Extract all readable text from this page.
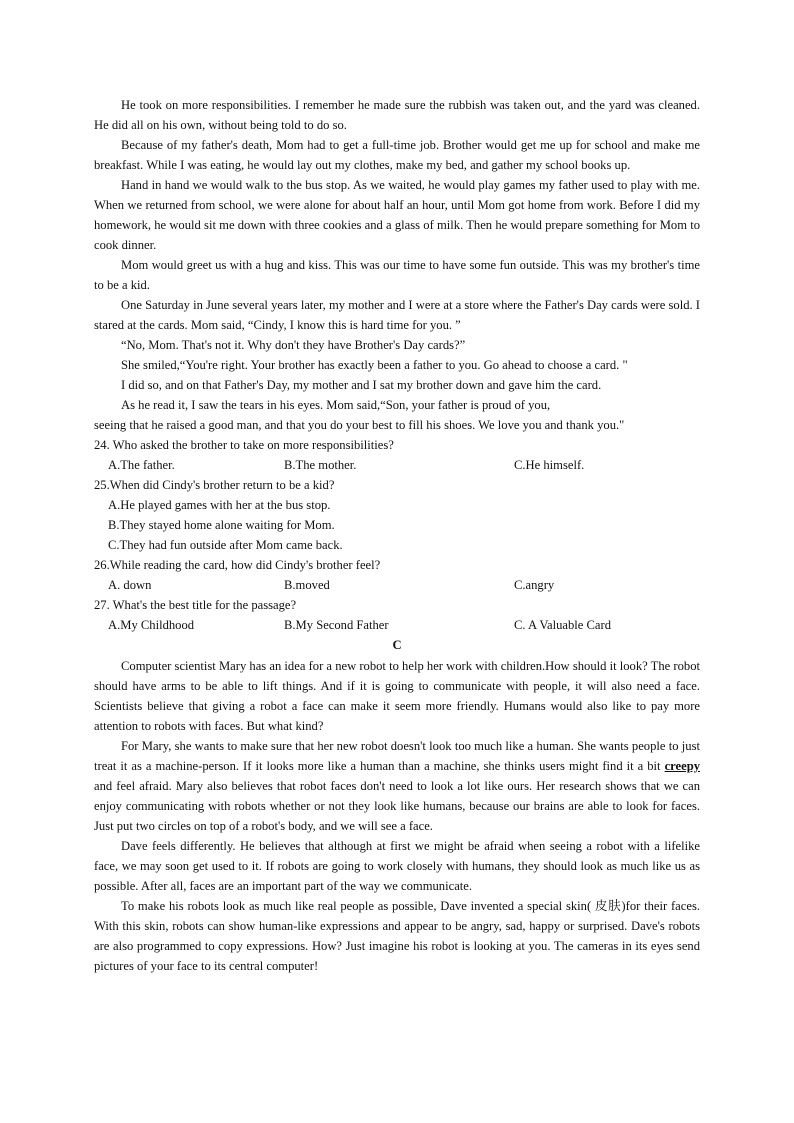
He took on more responsibilities. I remember he made sure the rubbish was taken out, and the yard was cleaned. He did all on his own, without being told to do so.

Because of my father's death, Mom had to get a full-time job. Brother would get me up for school and make me breakfast. While I was eating, he would lay out my clothes, make my bed, and gather my school books up.

Hand in hand we would walk to the bus stop. As we waited, he would play games my father used to play with me. When we returned from school, we were alone for about half an hour, until Mom got home from work. Before I did my homework, he would sit me down with three cookies and a glass of milk. Then he would prepare something for Mom to cook dinner.

Mom would greet us with a hug and kiss. This was our time to have some fun outside. This was my brother's time to be a kid.

One Saturday in June several years later, my mother and I were at a store where the Father's Day cards were sold. I stared at the cards. Mom said, “Cindy, I know this is hard time for you. ”

“No, Mom. That's not it. Why don't they have Brother's Day cards?”

She smiled,“You're right. Your brother has exactly been a father to you. Go ahead to choose a card. "

I did so, and on that Father's Day, my mother and I sat my brother down and gave him the card.

As he read it, I saw the tears in his eyes. Mom said,“Son, your father is proud of you,

seeing that he raised a good man, and that you do your best to fill his shoes. We love you and thank you."

24. Who asked the brother to take on more responsibilities?

A.The father.	B.The mother.	C.He himself.

25.When did Cindy's brother return to be a kid?

A.He played games with her at the bus stop.

B.They stayed home alone waiting for Mom.

C.They had fun outside after Mom came back.

26.While reading the card, how did Cindy's brother feel?

A. down	B.moved	C.angry

27. What's the best title for the passage?

A.My Childhood	B.My Second Father	C. A Valuable Card

C

Computer scientist Mary has an idea for a new robot to help her work with children.How should it look? The robot should have arms to be able to lift things. And if it is going to communicate with people, it will also need a face. Scientists believe that giving a robot a face can make it seem more friendly. Humans would also like to pay more attention to robots with faces. But what kind?

For Mary, she wants to make sure that her new robot doesn't look too much like a human. She wants people to just treat it as a machine-person. If it looks more like a human than a machine, she thinks users might find it a bit creepy and feel afraid. Mary also believes that robot faces don't need to look a lot like ours. Her research shows that we can enjoy communicating with robots whether or not they look like humans, because our brains are able to look for faces. Just put two circles on top of a robot's body, and we will see a face.

Dave feels differently. He believes that although at first we might be afraid when seeing a robot with a lifelike face, we may soon get used to it. If robots are going to work closely with humans, they should look as much like us as possible. After all, faces are an important part of the way we communicate.

To make his robots look as much like real people as possible, Dave invented a special skin( 皮肤)for their faces. With this skin, robots can show human-like expressions and appear to be angry, sad, happy or surprised. Dave's robots are also programmed to copy expressions. How? Just imagine his robot is looking at you. The cameras in its eyes send pictures of your face to its central computer!
